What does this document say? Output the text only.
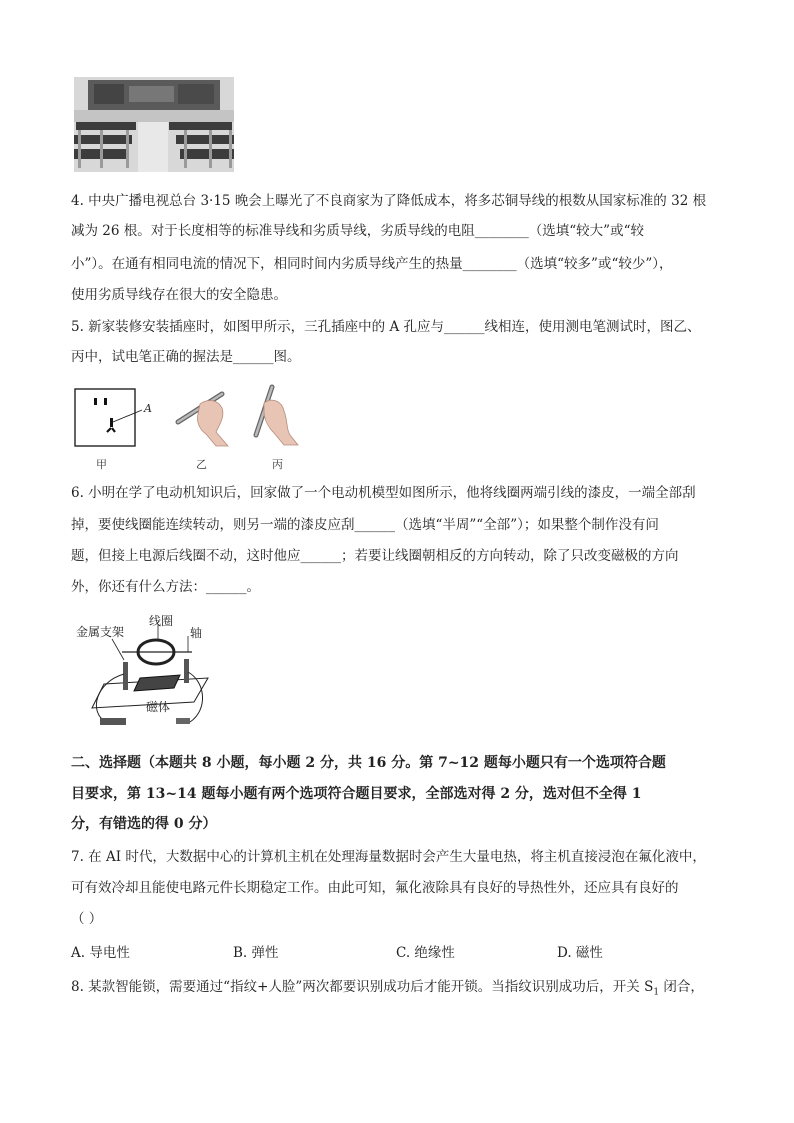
4. 中央广播电视总台 3·15 晚会上曝光了不良商家为了降低成本，将多芯铜导线的根数从国家标准的 32 根
减为 26 根。对于长度相等的标准导线和劣质导线，劣质导线的电阻________（选填“较大”或“较
小”）。在通有相同电流的情况下，相同时间内劣质导线产生的热量________（选填“较多”或“较少”），
使用劣质导线存在很大的安全隐患。
5. 新家装修安装插座时，如图甲所示，三孔插座中的 A 孔应与______线相连，使用测电笔测试时，图乙、
丙中，试电笔正确的握法是______图。
A
甲	乙	丙
6. 小明在学了电动机知识后，回家做了一个电动机模型如图所示，他将线圈两端引线的漆皮，一端全部刮
掉，要使线圈能连续转动，则另一端的漆皮应刮______（选填“半周”“全部”）；如果整个制作没有问
题，但接上电源后线圈不动，这时他应______；若要让线圈朝相反的方向转动，除了只改变磁极的方向
外，你还有什么方法：______。
金属支架
线圈
轴
磁体
二、选择题（本题共 8 小题，每小题 2 分，共 16 分。第 7~12 题每小题只有一个选项符合题
目要求，第 13~14 题每小题有两个选项符合题目要求，全部选对得 2 分，选对但不全得 1
分，有错选的得 0 分）
7. 在 AI 时代，大数据中心的计算机主机在处理海量数据时会产生大量电热，将主机直接浸泡在氟化液中，
可有效冷却且能使电路元件长期稳定工作。由此可知，氟化液除具有良好的导热性外，还应具有良好的
（ ）
A. 导电性	B. 弹性	C. 绝缘性	D. 磁性
8. 某款智能锁，需要通过“指纹+人脸”两次都要识别成功后才能开锁。当指纹识别成功后，开关 $S_1$ 闭合，
